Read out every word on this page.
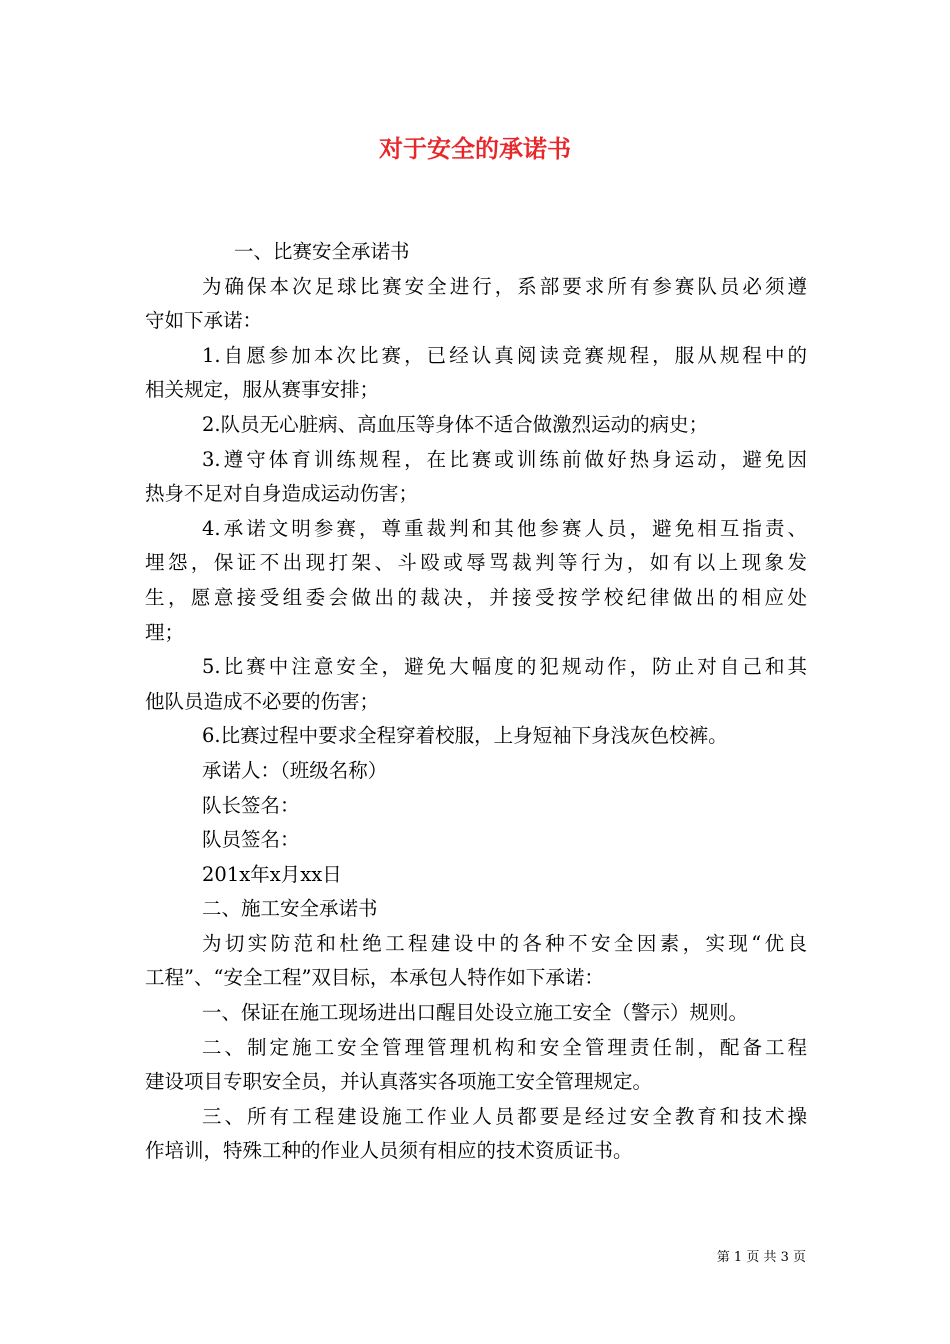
对于安全的承诺书
一、比赛安全承诺书
为确保本次足球比赛安全进行，系部要求所有参赛队员必须遵
守如下承诺：
1.自愿参加本次比赛，已经认真阅读竞赛规程，服从规程中的
相关规定，服从赛事安排；
2.队员无心脏病、高血压等身体不适合做激烈运动的病史；
3.遵守体育训练规程，在比赛或训练前做好热身运动，避免因
热身不足对自身造成运动伤害；
4.承诺文明参赛，尊重裁判和其他参赛人员，避免相互指责、
埋怨，保证不出现打架、斗殴或辱骂裁判等行为，如有以上现象发
生，愿意接受组委会做出的裁决，并接受按学校纪律做出的相应处
理；
5.比赛中注意安全，避免大幅度的犯规动作，防止对自己和其
他队员造成不必要的伤害；
6.比赛过程中要求全程穿着校服，上身短袖下身浅灰色校裤。
承诺人：（班级名称）
队长签名：
队员签名：
201x年x月xx日
二、施工安全承诺书
为切实防范和杜绝工程建设中的各种不安全因素，实现“优良
工程”、“安全工程”双目标，本承包人特作如下承诺：
一、保证在施工现场进出口醒目处设立施工安全（警示）规则。
二、制定施工安全管理管理机构和安全管理责任制，配备工程
建设项目专职安全员，并认真落实各项施工安全管理规定。
三、所有工程建设施工作业人员都要是经过安全教育和技术操
作培训，特殊工种的作业人员须有相应的技术资质证书。
第 1 页 共 3 页
